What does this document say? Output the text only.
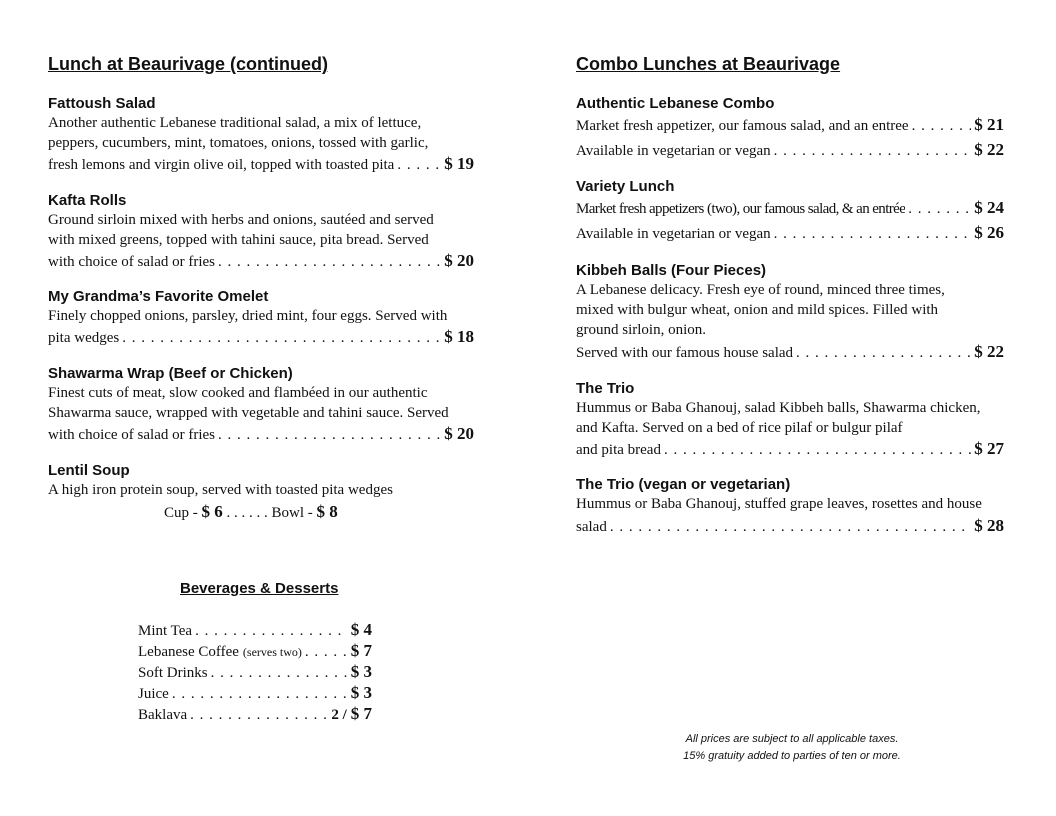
Lunch at Beaurivage (continued)
Fattoush Salad
Another authentic Lebanese traditional salad, a mix of lettuce,
peppers, cucumbers, mint, tomatoes, onions, tossed with garlic,
fresh lemons and virgin olive oil, topped with toasted pita . . .	$ 19
Kafta Rolls
Ground sirloin mixed with herbs and onions, sautéed and served
with mixed greens, topped with tahini sauce, pita bread. Served
with choice of salad or fries . . .	$ 20
My Grandma’s Favorite Omelet
Finely chopped onions, parsley, dried mint, four eggs. Served with
pita wedges . . .	$ 18
Shawarma Wrap (Beef or Chicken)
Finest cuts of meat, slow cooked and flambéed in our authentic
Shawarma sauce, wrapped with vegetable and tahini sauce. Served
with choice of salad or fries . . .	$ 20
Lentil Soup
A high iron protein soup, served with toasted pita wedges
Cup - $ 6 . . . . . . Bowl - $ 8
Beverages & Desserts
Mint Tea . . .	$ 4
Lebanese Coffee (serves two) . . .	$ 7
Soft Drinks . . .	$ 3
Juice . . .	$ 3
Baklava . . .	2 / $ 7
Combo Lunches at Beaurivage
Authentic Lebanese Combo
Market fresh appetizer, our famous salad, and an entree . . .	$ 21
Available in vegetarian or vegan . . .	$ 22
Variety Lunch
Market fresh appetizers (two), our famous salad, & an entrée . . .	$ 24
Available in vegetarian or vegan . . .	$ 26
Kibbeh Balls (Four Pieces)
A Lebanese delicacy. Fresh eye of round, minced three times,
mixed with bulgur wheat, onion and mild spices. Filled with
ground sirloin, onion.
Served with our famous house salad . . .	$ 22
The Trio
Hummus or Baba Ghanouj, salad Kibbeh balls, Shawarma chicken,
and Kafta. Served on a bed of rice pilaf or bulgur pilaf
and pita bread . . .	$ 27
The Trio (vegan or vegetarian)
Hummus or Baba Ghanouj, stuffed grape leaves, rosettes and house
salad . . .	$ 28
All prices are subject to all applicable taxes.
15% gratuity added to parties of ten or more.
